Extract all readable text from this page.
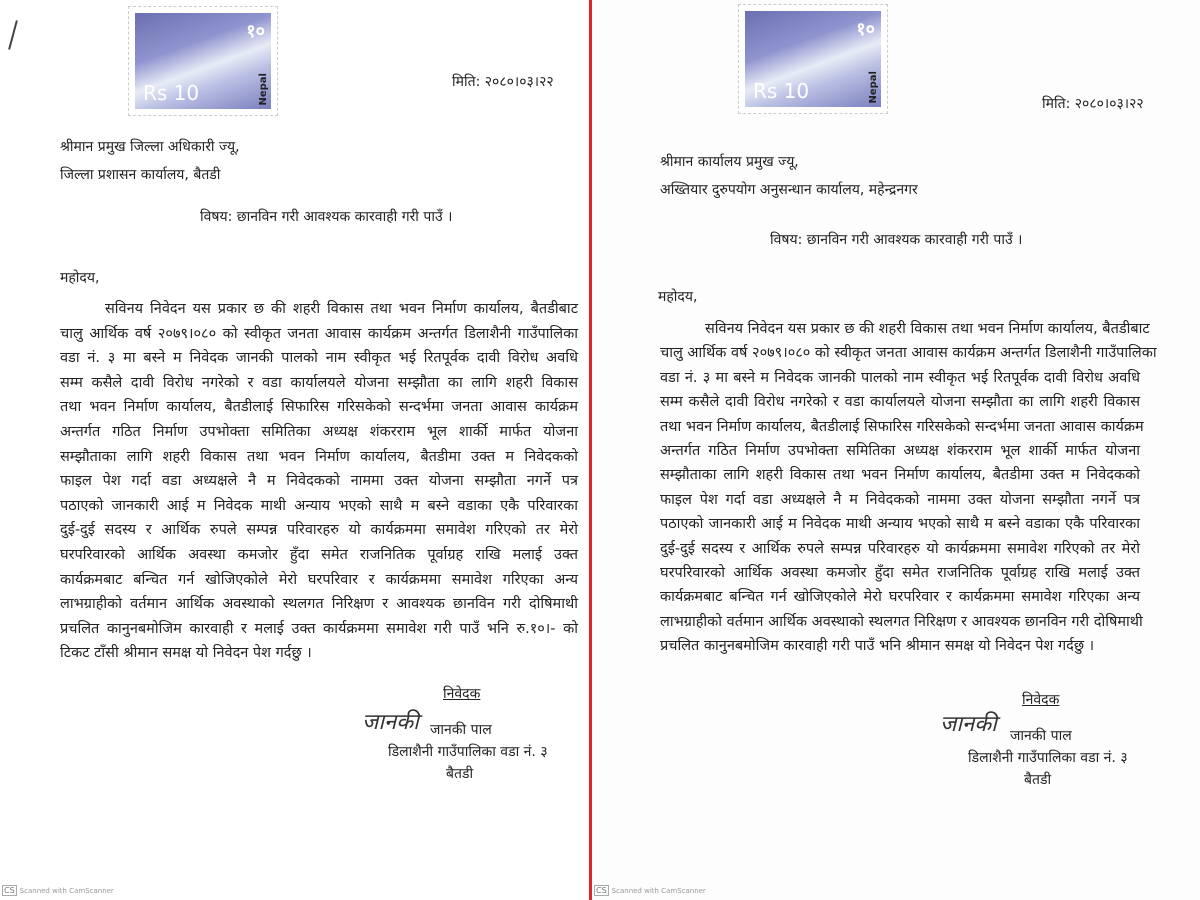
१०
Rs 10	Nepal	मिति: २०८०।०३।२२
श्रीमान प्रमुख जिल्ला अधिकारी ज्यू,
जिल्ला प्रशासन कार्यालय, बैतडी
विषय: छानविन गरी आवश्यक कारवाही गरी पाउँ ।
महोदय,
सविनय निवेदन यस प्रकार छ की शहरी विकास तथा भवन निर्माण कार्यालय, बैतडीबाट
चालु आर्थिक वर्ष २०७९।०८० को स्वीकृत जनता आवास कार्यक्रम अन्तर्गत डिलाशैनी गाउँपालिका
वडा नं. ३ मा बस्ने म निवेदक जानकी पालको नाम स्वीकृत भई रितपूर्वक दावी विरोध अवधि
सम्म कसैले दावी विरोध नगरेको र वडा कार्यालयले योजना सम्झौता का लागि शहरी विकास
तथा भवन निर्माण कार्यालय, बैतडीलाई सिफारिस गरिसकेको सन्दर्भमा जनता आवास कार्यक्रम
अन्तर्गत गठित निर्माण उपभोक्ता समितिका अध्यक्ष शंकरराम भूल शार्की मार्फत योजना
सम्झौताका लागि शहरी विकास तथा भवन निर्माण कार्यालय, बैतडीमा उक्त म निवेदकको
फाइल पेश गर्दा वडा अध्यक्षले नै म निवेदकको नाममा उक्त योजना सम्झौता नगर्ने पत्र
पठाएको जानकारी आई म निवेदक माथी अन्याय भएको साथै म बस्ने वडाका एकै परिवारका
दुई-दुई सदस्य र आर्थिक रुपले सम्पन्न परिवारहरु यो कार्यक्रममा समावेश गरिएको तर मेरो
घरपरिवारको आर्थिक अवस्था कमजोर हुँदा समेत राजनितिक पूर्वाग्रह राखि मलाई उक्त
कार्यक्रमबाट बन्चित गर्न खोजिएकोले मेरो घरपरिवार र कार्यक्रममा समावेश गरिएका अन्य
लाभग्राहीको वर्तमान आर्थिक अवस्थाको स्थलगत निरिक्षण र आवश्यक छानविन गरी दोषिमाथी
प्रचलित कानुनबमोजिम कारवाही र मलाई उक्त कार्यक्रममा समावेश गरी पाउँ भनि रु.१०।- को
टिकट टाँसी श्रीमान समक्ष यो निवेदन पेश गर्दछु ।
निवेदक
जानकी जानकी पाल
डिलाशैनी गाउँपालिका वडा नं. ३
बैतडी
CS Scanned with CamScanner
१०
Rs 10	Nepal
मिति: २०८०।०३।२२
श्रीमान कार्यालय प्रमुख ज्यू,
अख्तियार दुरुपयोग अनुसन्धान कार्यालय, महेन्द्रनगर
विषय: छानविन गरी आवश्यक कारवाही गरी पाउँ ।
महोदय,
सविनय निवेदन यस प्रकार छ की शहरी विकास तथा भवन निर्माण कार्यालय, बैतडीबाट
चालु आर्थिक वर्ष २०७९।०८० को स्वीकृत जनता आवास कार्यक्रम अन्तर्गत डिलाशैनी गाउँपालिका
वडा नं. ३ मा बस्ने म निवेदक जानकी पालको नाम स्वीकृत भई रितपूर्वक दावी विरोध अवधि
सम्म कसैले दावी विरोध नगरेको र वडा कार्यालयले योजना सम्झौता का लागि शहरी विकास
तथा भवन निर्माण कार्यालय, बैतडीलाई सिफारिस गरिसकेको सन्दर्भमा जनता आवास कार्यक्रम
अन्तर्गत गठित निर्माण उपभोक्ता समितिका अध्यक्ष शंकरराम भूल शार्की मार्फत योजना
सम्झौताका लागि शहरी विकास तथा भवन निर्माण कार्यालय, बैतडीमा उक्त म निवेदकको
फाइल पेश गर्दा वडा अध्यक्षले नै म निवेदकको नाममा उक्त योजना सम्झौता नगर्ने पत्र
पठाएको जानकारी आई म निवेदक माथी अन्याय भएको साथै म बस्ने वडाका एकै परिवारका
दुई-दुई सदस्य र आर्थिक रुपले सम्पन्न परिवारहरु यो कार्यक्रममा समावेश गरिएको तर मेरो
घरपरिवारको आर्थिक अवस्था कमजोर हुँदा समेत राजनितिक पूर्वाग्रह राखि मलाई उक्त
कार्यक्रमबाट बन्चित गर्न खोजिएकोले मेरो घरपरिवार र कार्यक्रममा समावेश गरिएका अन्य
लाभग्राहीको वर्तमान आर्थिक अवस्थाको स्थलगत निरिक्षण र आवश्यक छानविन गरी दोषिमाथी
प्रचलित कानुनबमोजिम कारवाही गरी पाउँ भनि श्रीमान समक्ष यो निवेदन पेश गर्दछु ।
निवेदक
जानकी जानकी पाल
डिलाशैनी गाउँपालिका वडा नं. ३
बैतडी
CS Scanned with CamScanner
